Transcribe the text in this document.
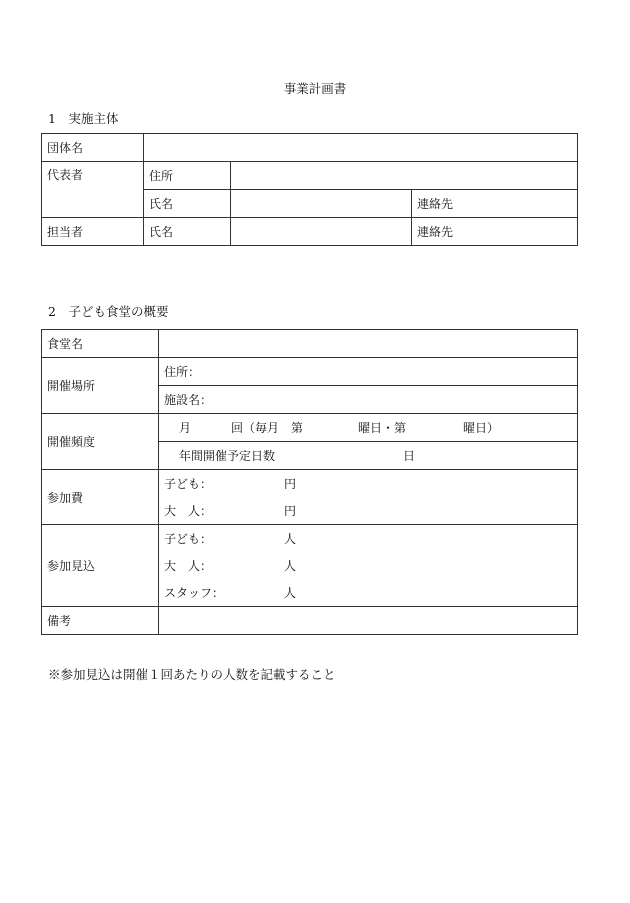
事業計画書
1　実施主体
団体名			
代表者	住所		
	氏名		連絡先
担当者	氏名		連絡先
2　子ども食堂の概要
食堂名	
開催場所	住所：
	施設名：
開催頻度	月 回（毎月　第 曜日・第 曜日）
	年間開催予定日数 日
参加費	子ども： 円
	大　人： 円
参加見込	子ども： 人
	大　人： 人
	スタッフ： 人
備考	
※参加見込は開催１回あたりの人数を記載すること
